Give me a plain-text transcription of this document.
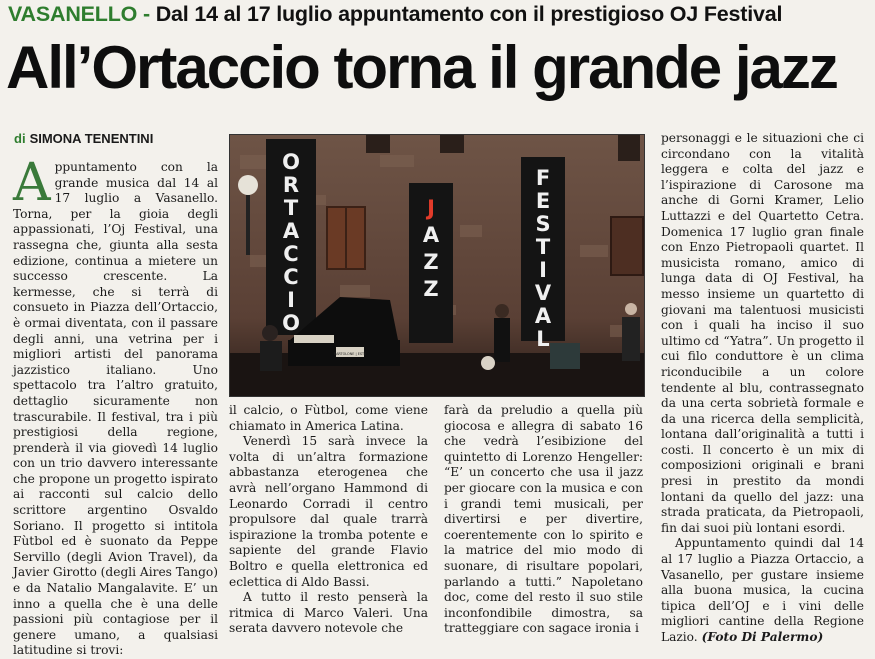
VASANELLO - Dal 14 al 17 luglio appuntamento con il prestigioso OJ Festival
All’Ortaccio torna il grande jazz
di SIMONA TENENTINI

Appuntamento con la grande musica dal 14 al 17 luglio a Vasanello. Torna, per la gioia degli appassionati, l’Oj Festival, una rassegna che, giunta alla sesta edizione, continua a mietere un successo crescente. La kermesse, che si terrà di consueto in Piazza dell’Ortaccio, è ormai diventata, con il passare degli anni, una vetrina per i migliori artisti del panorama jazzistico italiano. Uno spettacolo tra l’altro gratuito, dettaglio sicuramente non trascurabile. Il festival, tra i più prestigiosi della regione, prenderà il via giovedì 14 luglio con un trio davvero interessante che propone un progetto ispirato ai racconti sul calcio dello scrittore argentino Osvaldo Soriano. Il progetto si intitola Fùtbol ed è suonato da Peppe Servillo (degli Avion Travel), da Javier Girotto (degli Aires Tango) e da Natalio Mangalavite. E’ un inno a quella che è una delle passioni più contagiose per il genere umano, a qualsiasi latitudine si trovi:

O
R
T
A
C
C
I
O
J
A
Z
Z
F
E
S
T
I
V
A
L
BARTOLONE | ESTE

il calcio, o Fùtbol, come viene chiamato in America Latina.

Venerdì 15 sarà invece la volta di un’altra formazione abbastanza eterogenea che avrà nell’organo Hammond di Leonardo Corradi il centro propulsore dal quale trarrà ispirazione la tromba potente e sapiente del grande Flavio Boltro e quella elettronica ed eclettica di Aldo Bassi.

A tutto il resto penserà la ritmica di Marco Valeri. Una serata davvero notevole che

farà da preludio a quella più giocosa e allegra di sabato 16 che vedrà l’esibizione del quintetto di Lorenzo Hengeller: “E’ un concerto che usa il jazz per giocare con la musica e con i grandi temi musicali, per divertirsi e per divertire, coerentemente con lo spirito e la matrice del mio modo di suonare, di risultare popolari, parlando a tutti.” Napoletano doc, come del resto il suo stile inconfondibile dimostra, sa tratteggiare con sagace ironia i

personaggi e le situazioni che ci circondano con la vitalità leggera e colta del jazz e l’ispirazione di Carosone ma anche di Gorni Kramer, Lelio Luttazzi e del Quartetto Cetra. Domenica 17 luglio gran finale con Enzo Pietropaoli quartet. Il musicista romano, amico di lunga data di OJ Festival, ha messo insieme un quartetto di giovani ma talentuosi musicisti con i quali ha inciso il suo ultimo cd “Yatra”. Un progetto il cui filo conduttore è un clima riconducibile a un colore tendente al blu, contrassegnato da una certa sobrietà formale e da una ricerca della semplicità, lontana dall’originalità a tutti i costi. Il concerto è un mix di composizioni originali e brani presi in prestito da mondi lontani da quello del jazz: una strada praticata, da Pietropaoli, fin dai suoi più lontani esordi.

Appuntamento quindi dal 14 al 17 luglio a Piazza Ortaccio, a Vasanello, per gustare insieme alla buona musica, la cucina tipica dell’OJ e i vini delle migliori cantine della Regione Lazio. (Foto Di Palermo)
